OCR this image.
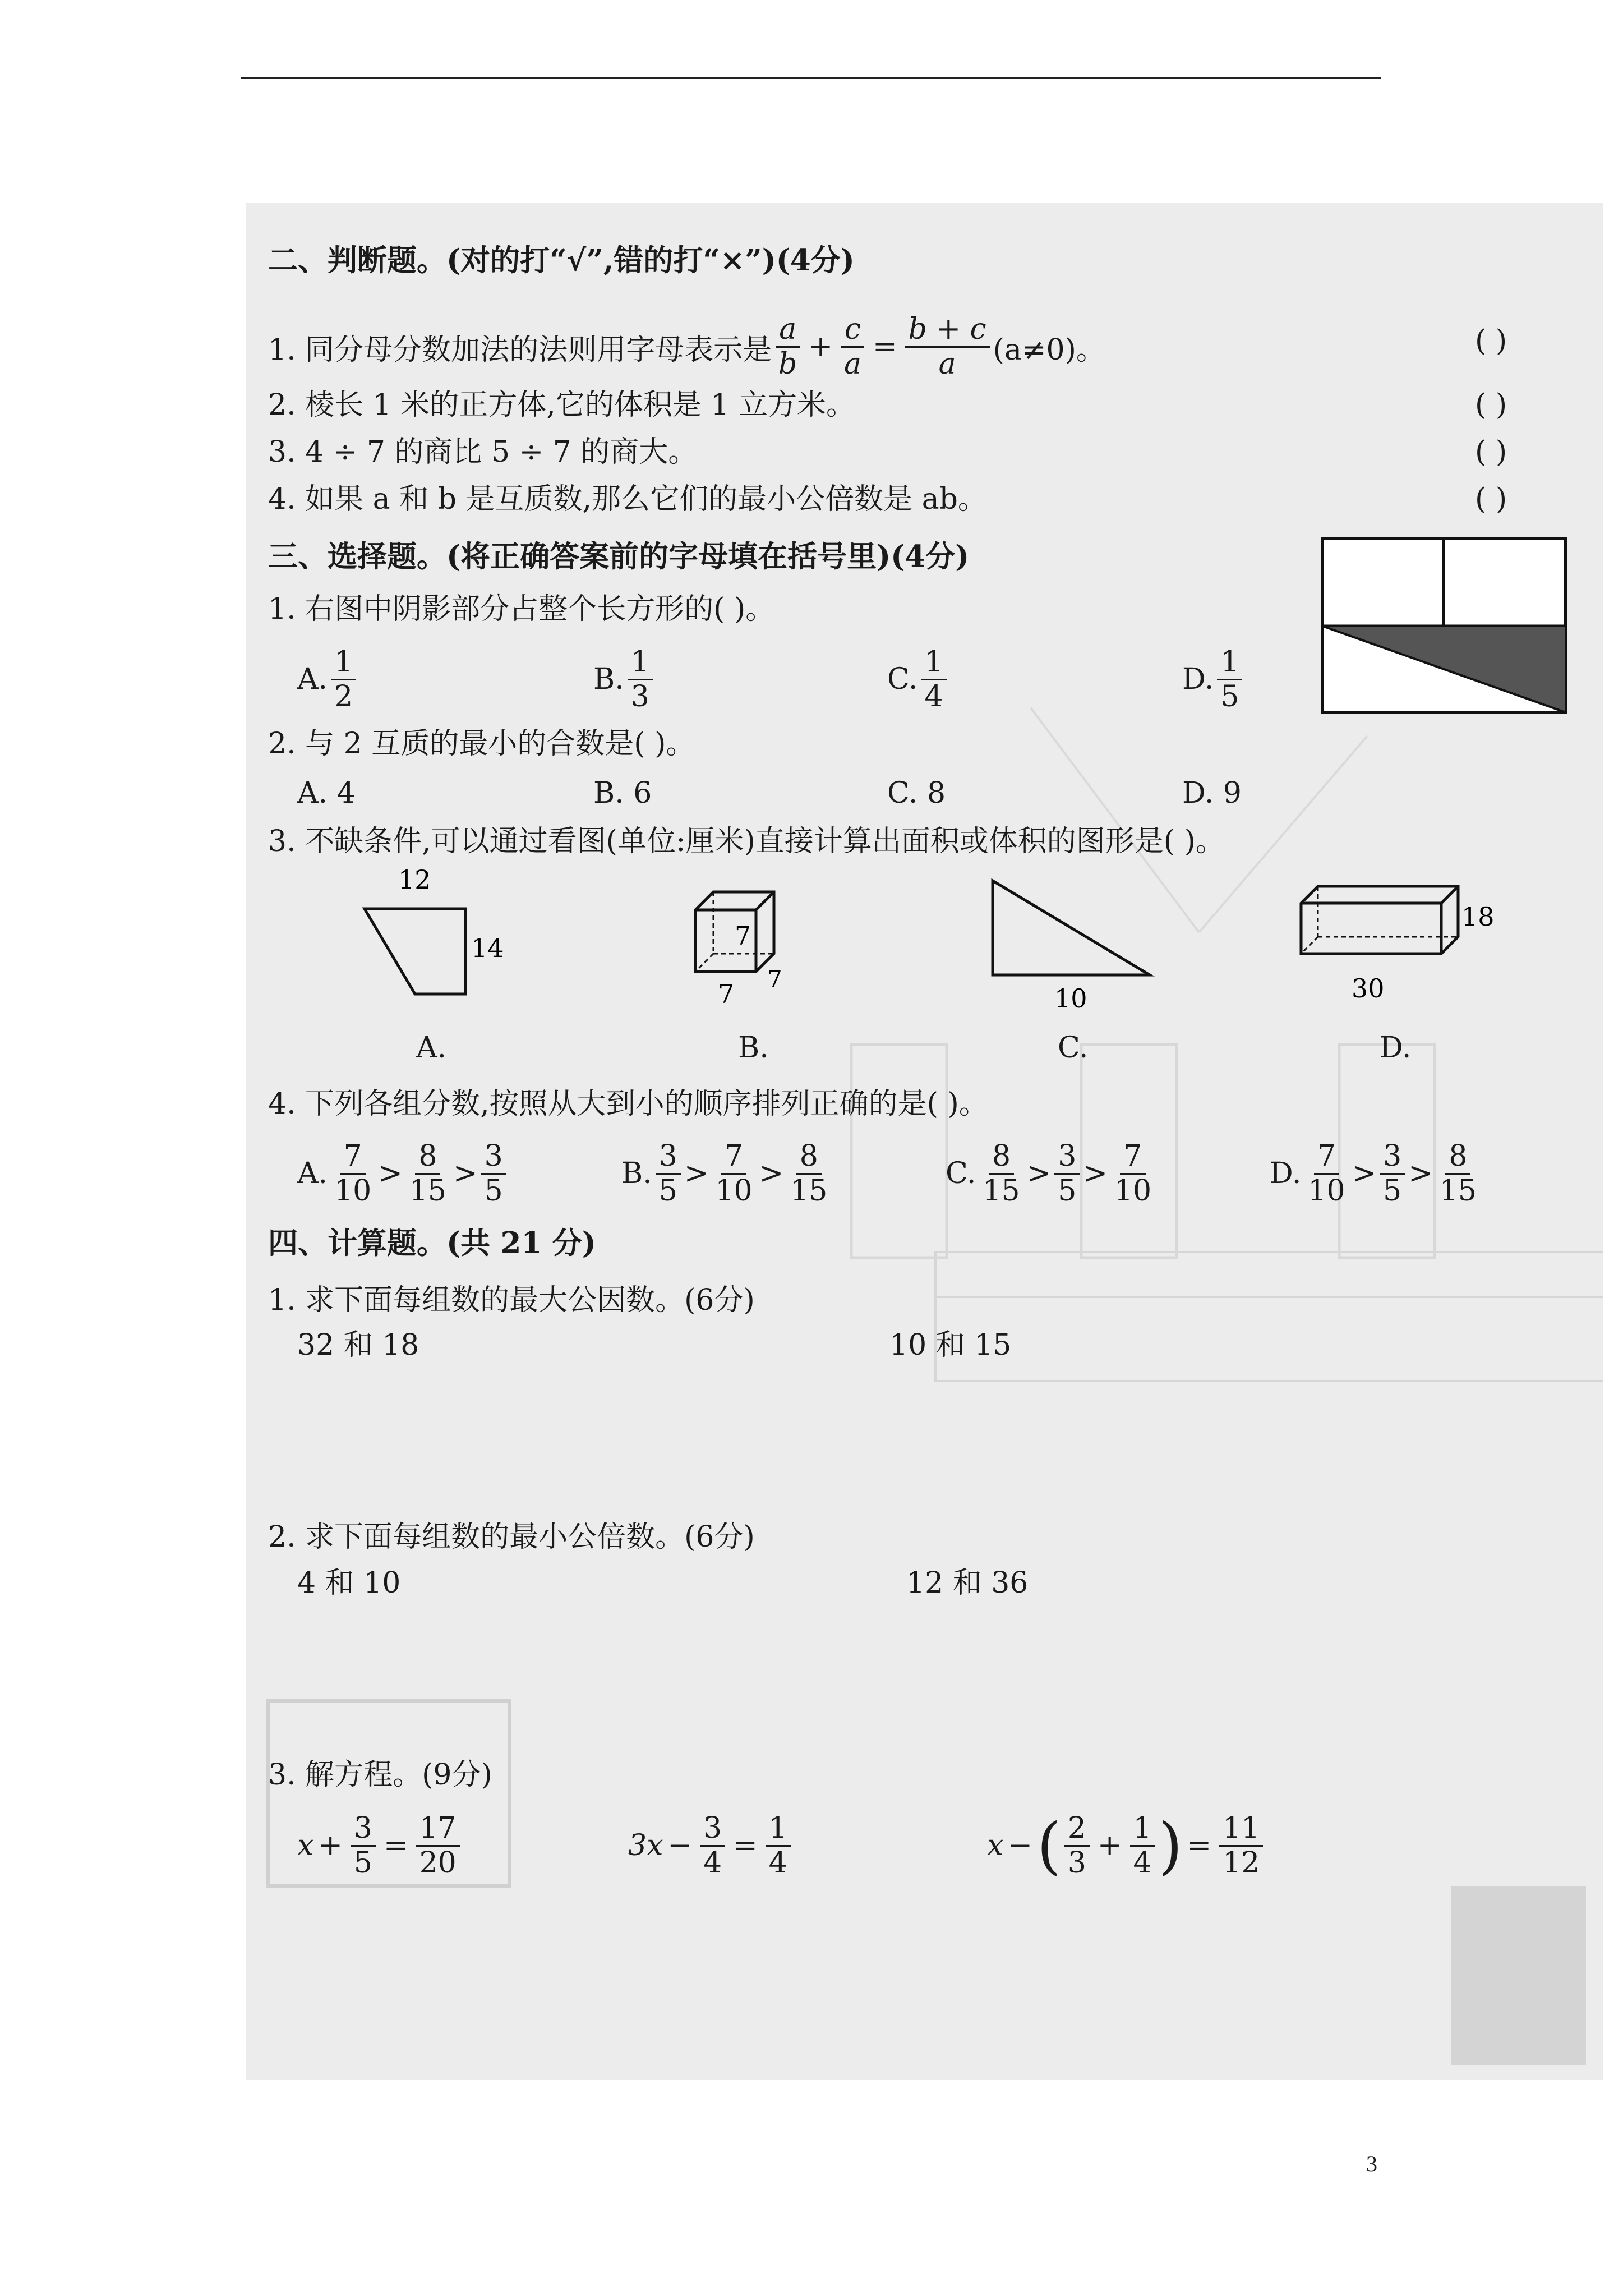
二、判断题。(对的打“√”,错的打“×”)(4分)
1. 同分母分数加法的法则用字母表示是 $\frac{a}{b} + \frac{c}{a} = \frac{b + c}{a} (a\ne 0)$。	( )
2. 棱长 1 米的正方体,它的体积是 1 立方米。	( )
3. 4 ÷ 7 的商比 5 ÷ 7 的商大。	( )
4. 如果 a 和 b 是互质数,那么它们的最小公倍数是 ab。	( )
三、选择题。(将正确答案前的字母填在括号里)(4分)
1. 右图中阴影部分占整个长方形的( )。
A. $\frac{1}{2}$	B. $\frac{1}{3}$	C. $\frac{1}{4}$	D. $\frac{1}{5}$
2. 与 2 互质的最小的合数是( )。
A. 4	B. 6	C. 8	D. 9
3. 不缺条件,可以通过看图(单位:厘米)直接计算出面积或体积的图形是( )。
12
14	7
7
7	10
18
30
A.	B.	C.	D.
4. 下列各组分数,按照从大到小的顺序排列正确的是( )。
A. $\frac{7}{10} > \frac{8}{15} > \frac{3}{5}$	B. $\frac{3}{5} > \frac{7}{10} > \frac{8}{15}$	C. $\frac{8}{15} > \frac{3}{5} > \frac{7}{10}$	D. $\frac{7}{10} > \frac{3}{5} > \frac{8}{15}$
四、计算题。(共 21 分)
1. 求下面每组数的最大公因数。(6分)
32 和 18	10 和 15
2. 求下面每组数的最小公倍数。(6分)
4 和 10	12 和 36
3. 解方程。(9分)
$x + \frac{3}{5} = \frac{17}{20}$	$3x - \frac{3}{4} = \frac{1}{4}$	x − ( $\frac{2}{3} + \frac{1}{4}$ ) = $\frac{11}{12}$
3
